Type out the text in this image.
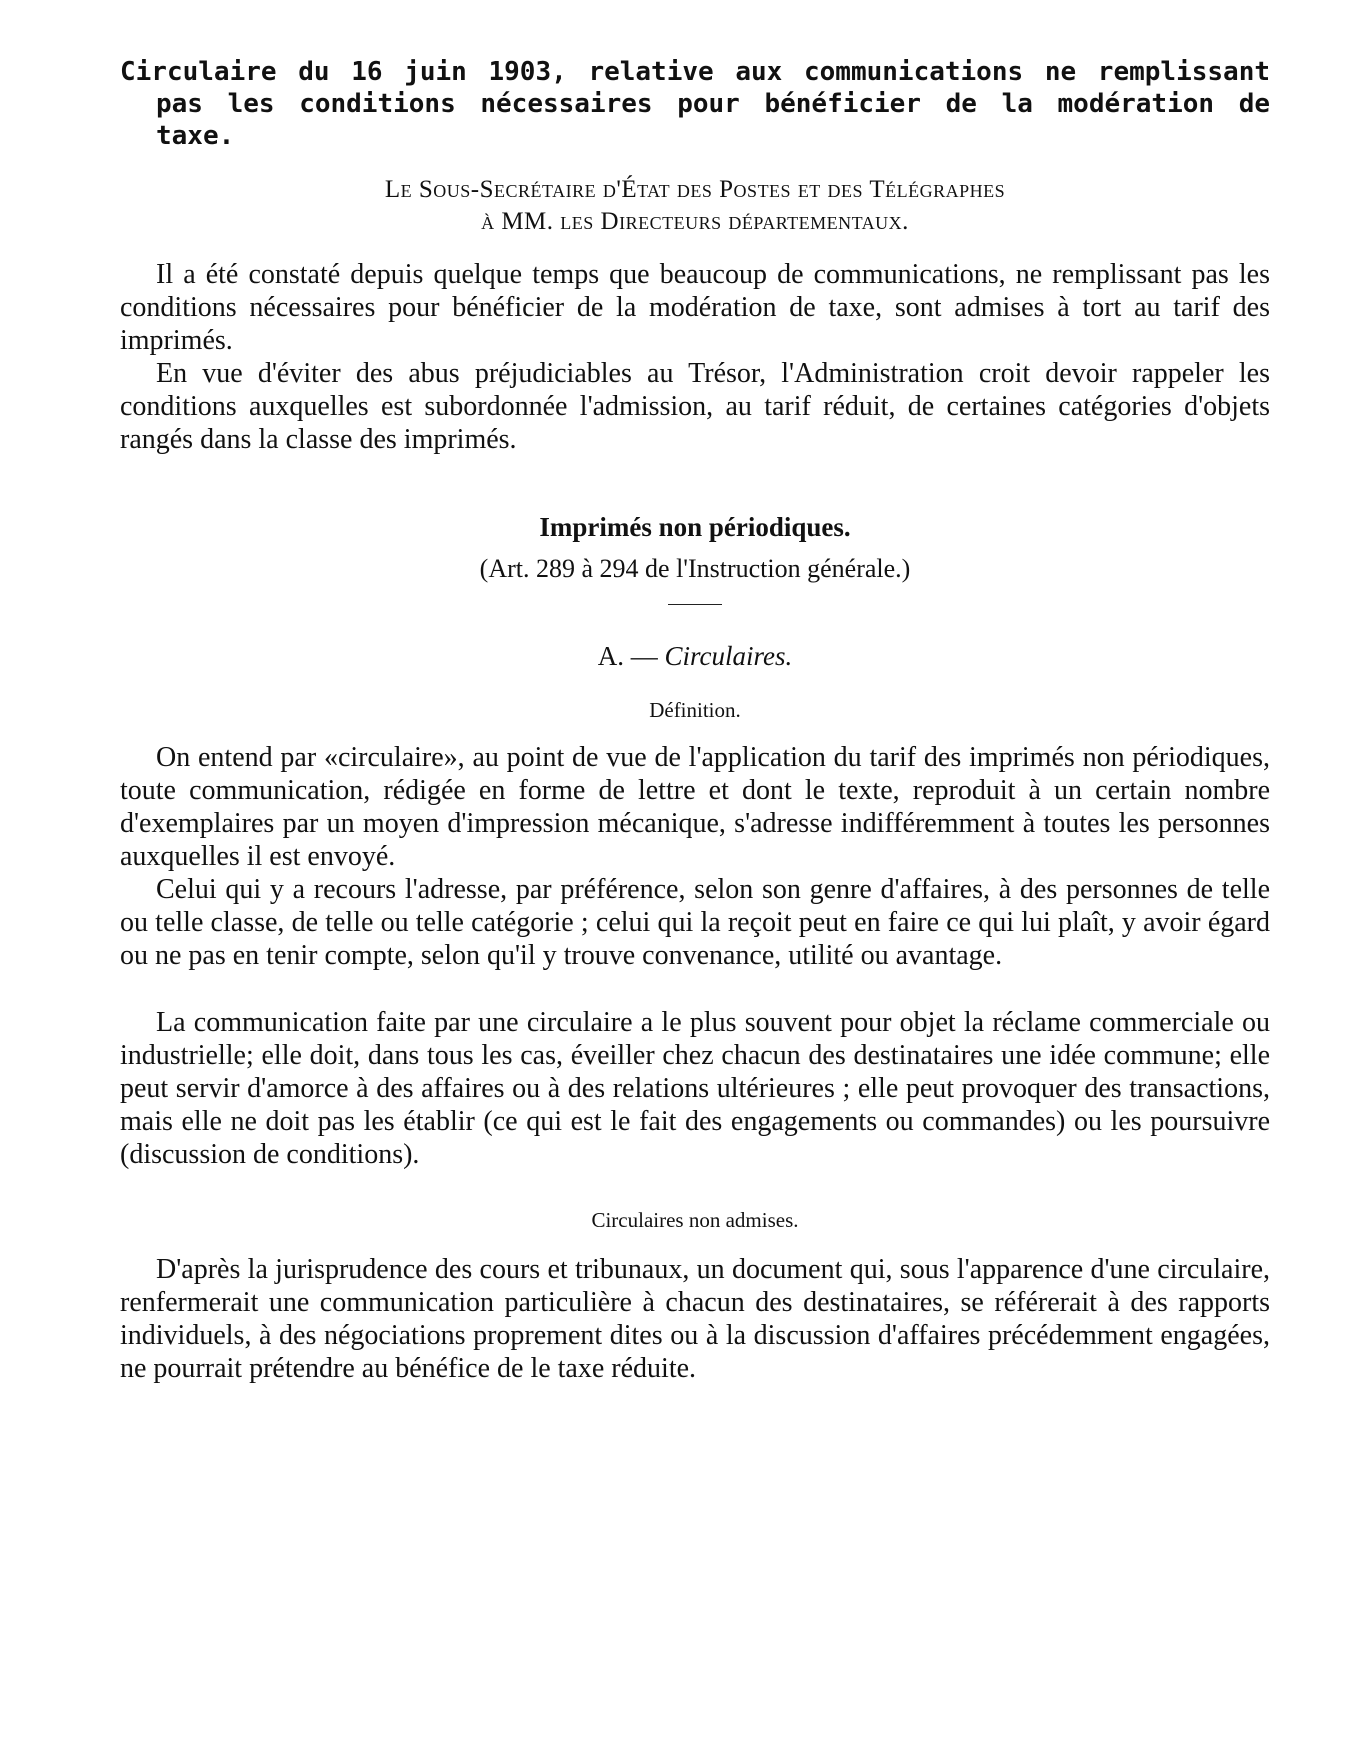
Circulaire du 16 juin 1903, relative aux communications ne remplissant pas les conditions nécessaires pour bénéficier de la modération de taxe.

Le Sous-Secrétaire d'État des Postes et des Télégraphes
à MM. les Directeurs départementaux.

Il a été constaté depuis quelque temps que beaucoup de communications, ne remplissant pas les conditions nécessaires pour bénéficier de la modération de taxe, sont admises à tort au tarif des imprimés.

En vue d'éviter des abus préjudiciables au Trésor, l'Administration croit devoir rappeler les conditions auxquelles est subordonnée l'admission, au tarif réduit, de certaines catégories d'objets rangés dans la classe des imprimés.

Imprimés non périodiques.
(Art. 289 à 294 de l'Instruction générale.)
A. — Circulaires.
Définition.

On entend par «circulaire», au point de vue de l'application du tarif des imprimés non périodiques, toute communication, rédigée en forme de lettre et dont le texte, reproduit à un certain nombre d'exemplaires par un moyen d'impression mécanique, s'adresse indifféremment à toutes les personnes auxquelles il est envoyé.

Celui qui y a recours l'adresse, par préférence, selon son genre d'affaires, à des personnes de telle ou telle classe, de telle ou telle catégorie ; celui qui la reçoit peut en faire ce qui lui plaît, y avoir égard ou ne pas en tenir compte, selon qu'il y trouve convenance, utilité ou avantage.

La communication faite par une circulaire a le plus souvent pour objet la réclame commerciale ou industrielle; elle doit, dans tous les cas, éveiller chez chacun des destinataires une idée commune; elle peut servir d'amorce à des affaires ou à des relations ultérieures ; elle peut provoquer des transactions, mais elle ne doit pas les établir (ce qui est le fait des engagements ou commandes) ou les poursuivre (discussion de conditions).

Circulaires non admises.

D'après la jurisprudence des cours et tribunaux, un document qui, sous l'apparence d'une circulaire, renfermerait une communication particulière à chacun des destinataires, se référerait à des rapports individuels, à des négociations proprement dites ou à la discussion d'affaires précédemment engagées, ne pourrait prétendre au bénéfice de le taxe réduite.
